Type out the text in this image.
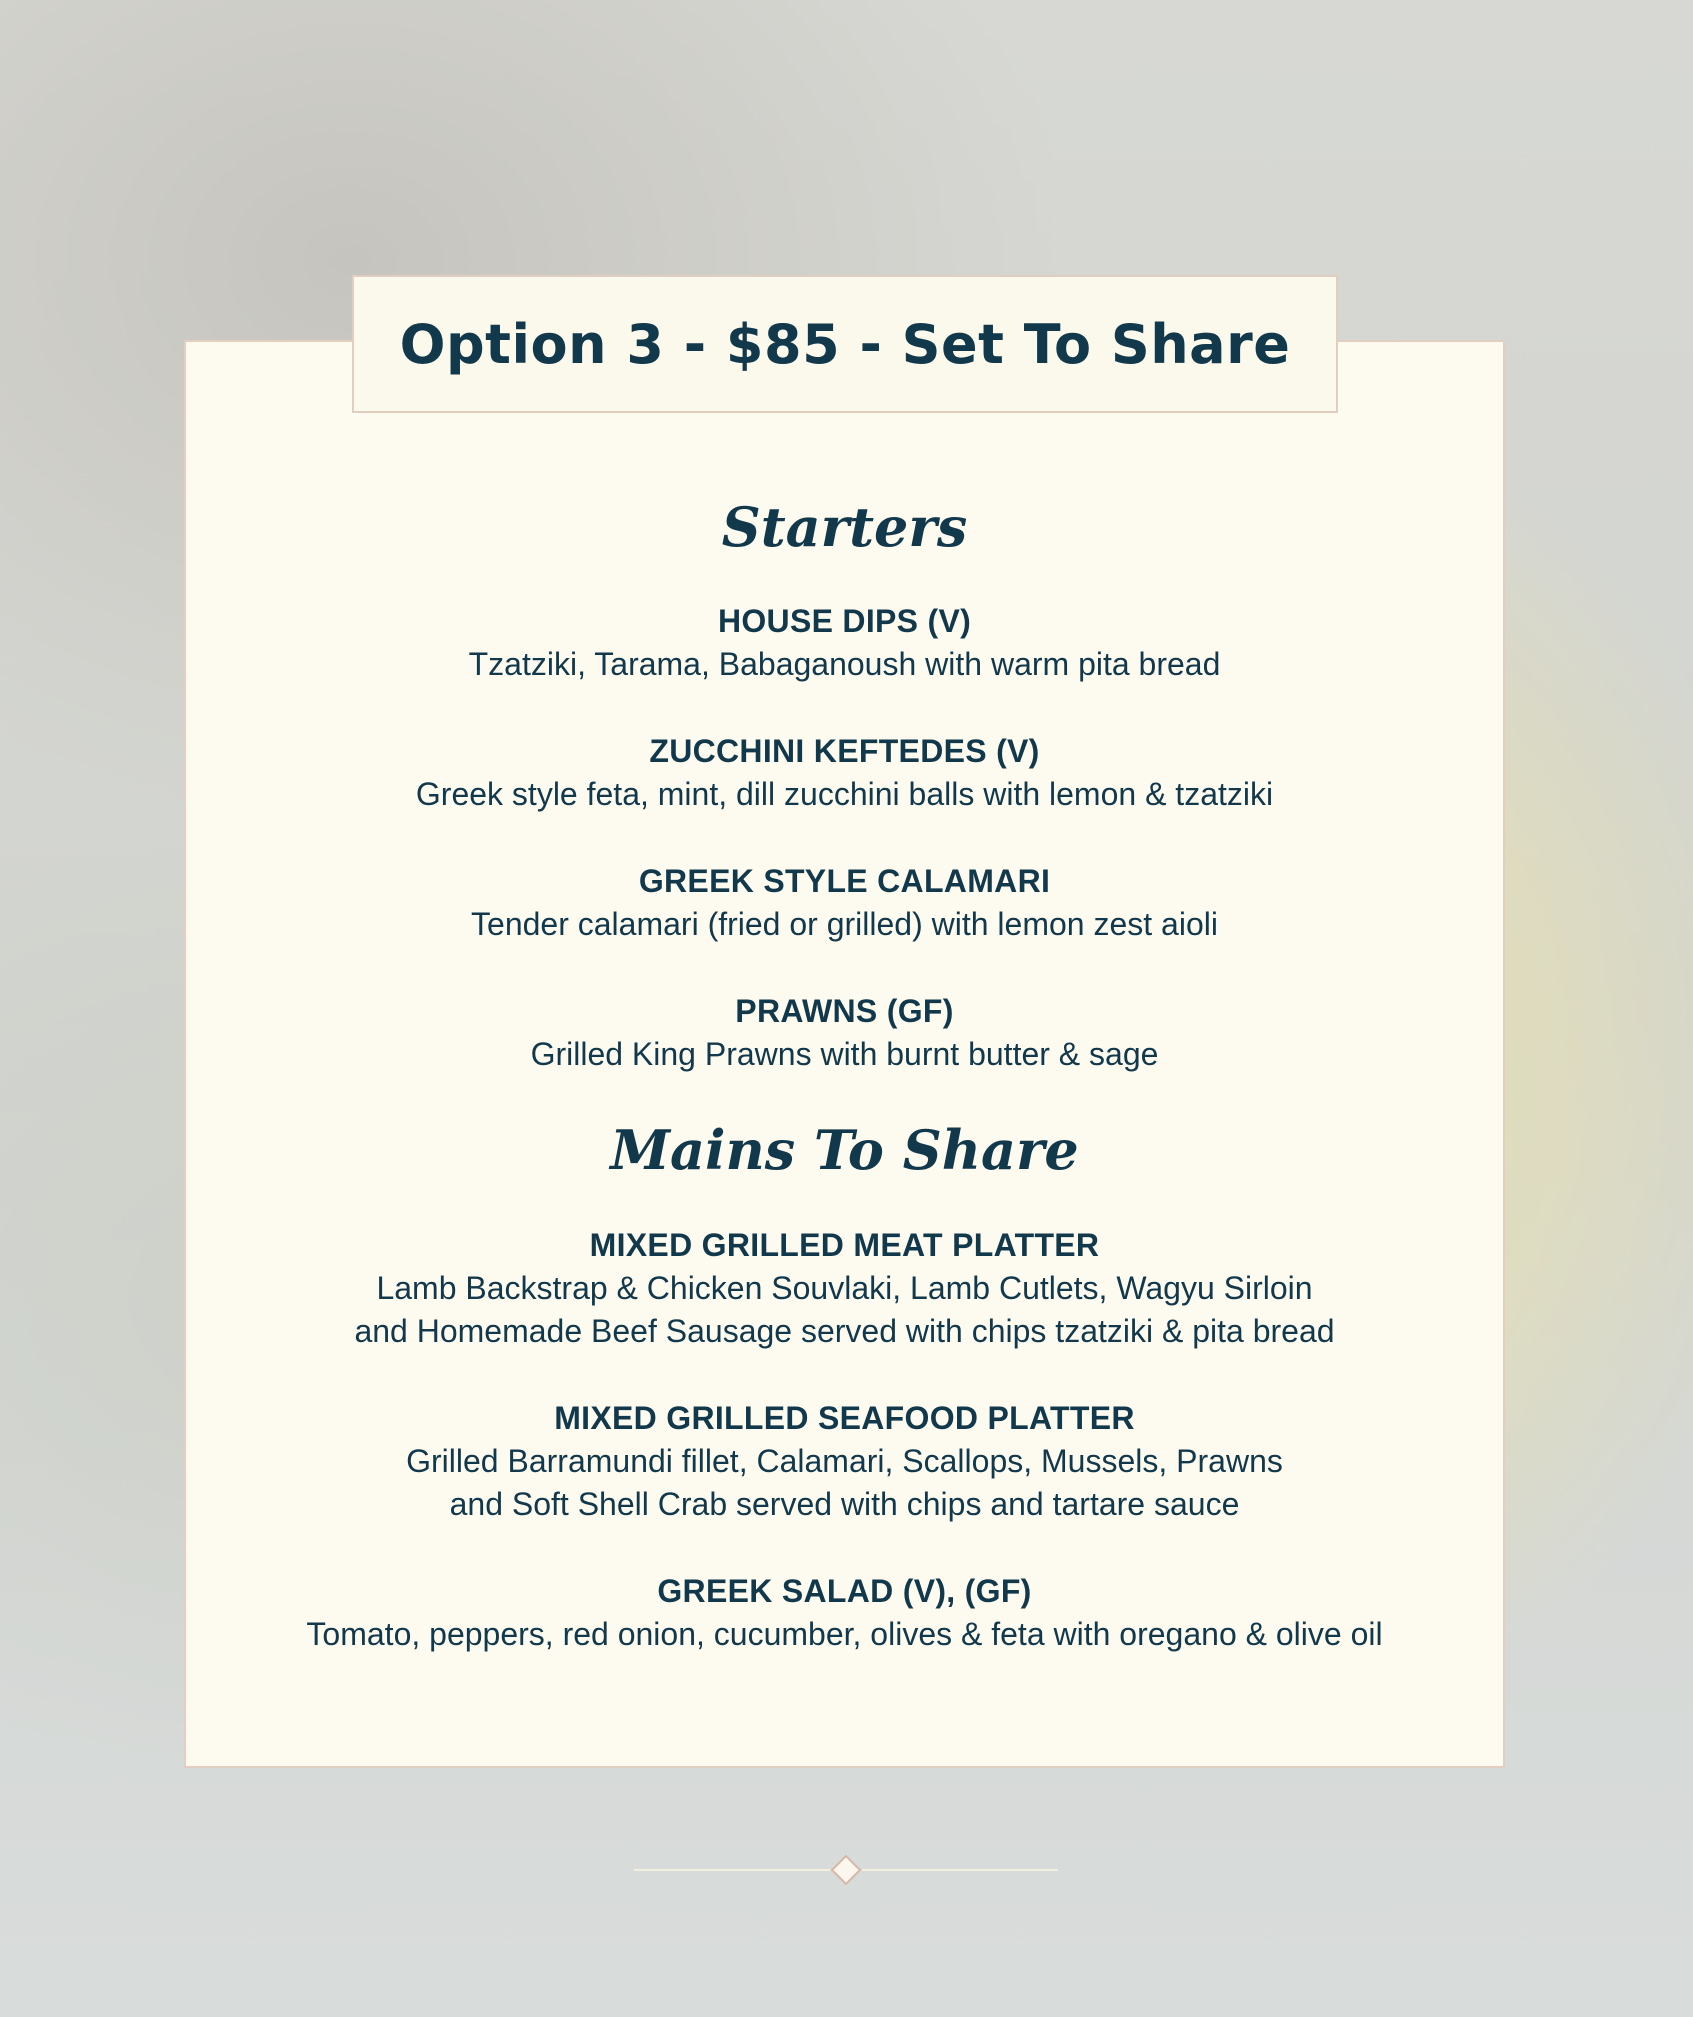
Option 3 - $85 - Set To Share
Starters
HOUSE DIPS (V)
Tzatziki, Tarama, Babaganoush with warm pita bread
ZUCCHINI KEFTEDES (V)
Greek style feta, mint, dill zucchini balls with lemon & tzatziki
GREEK STYLE CALAMARI
Tender calamari (fried or grilled) with lemon zest aioli
PRAWNS (GF)
Grilled King Prawns with burnt butter & sage
Mains To Share
MIXED GRILLED MEAT PLATTER
Lamb Backstrap & Chicken Souvlaki, Lamb Cutlets, Wagyu Sirloin
and Homemade Beef Sausage served with chips tzatziki & pita bread
MIXED GRILLED SEAFOOD PLATTER
Grilled Barramundi fillet, Calamari, Scallops, Mussels, Prawns
and Soft Shell Crab served with chips and tartare sauce
GREEK SALAD (V), (GF)
Tomato, peppers, red onion, cucumber, olives & feta with oregano & olive oil
